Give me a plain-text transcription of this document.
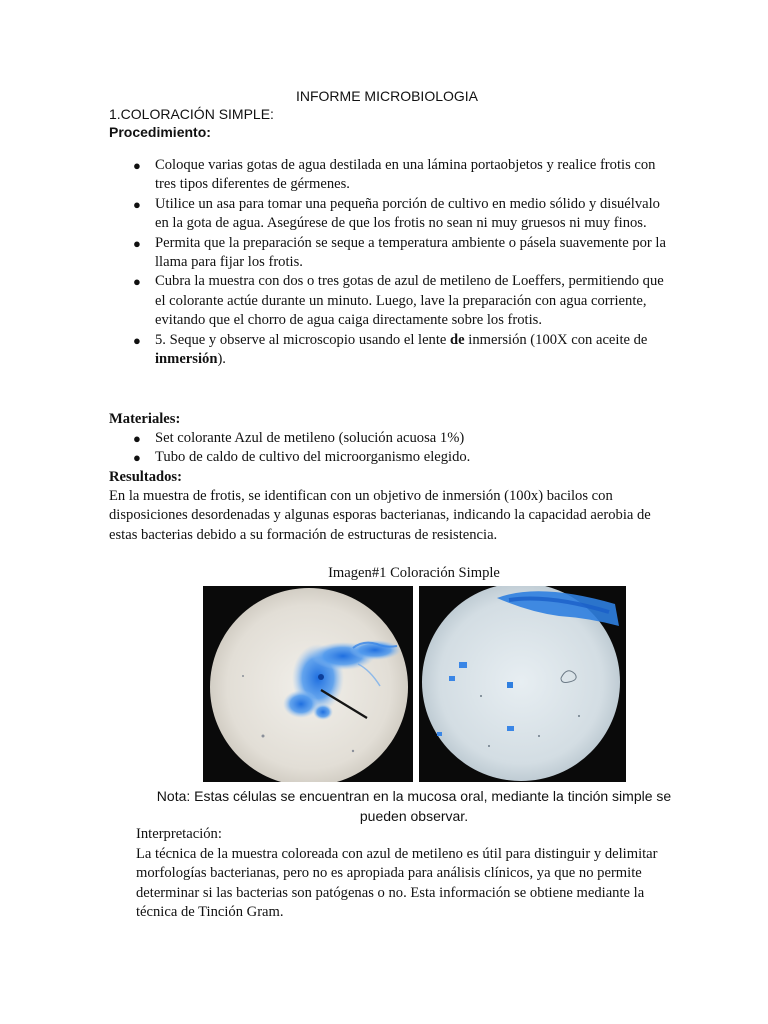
INFORME MICROBIOLOGIA
1.COLORACIÓN SIMPLE:
Procedimiento:
● Coloque varias gotas de agua destilada en una lámina portaobjetos y realice frotis con tres tipos diferentes de gérmenes.
● Utilice un asa para tomar una pequeña porción de cultivo en medio sólido y disuélvalo en la gota de agua. Asegúrese de que los frotis no sean ni muy gruesos ni muy finos.
● Permita que la preparación se seque a temperatura ambiente o pásela suavemente por la llama para fijar los frotis.
● Cubra la muestra con dos o tres gotas de azul de metileno de Loeffers, permitiendo que el colorante actúe durante un minuto. Luego, lave la preparación con agua corriente, evitando que el chorro de agua caiga directamente sobre los frotis.
● 5. Seque y observe al microscopio usando el lente de inmersión (100X con aceite de inmersión).
Materiales:
● Set colorante Azul de metileno (solución acuosa 1%)
● Tubo de caldo de cultivo del microorganismo elegido.
Resultados:

En la muestra de frotis, se identifican con un objetivo de inmersión (100x) bacilos con disposiciones desordenadas y algunas esporas bacterianas, indicando la capacidad aerobia de estas bacterias debido a su formación de estructuras de resistencia.

Imagen#1 Coloración Simple

Nota: Estas células se encuentran en la mucosa oral, mediante la tinción simple se pueden observar.

Interpretación:

La técnica de la muestra coloreada con azul de metileno es útil para distinguir y delimitar morfologías bacterianas, pero no es apropiada para análisis clínicos, ya que no permite determinar si las bacterias son patógenas o no. Esta información se obtiene mediante la técnica de Tinción Gram.
